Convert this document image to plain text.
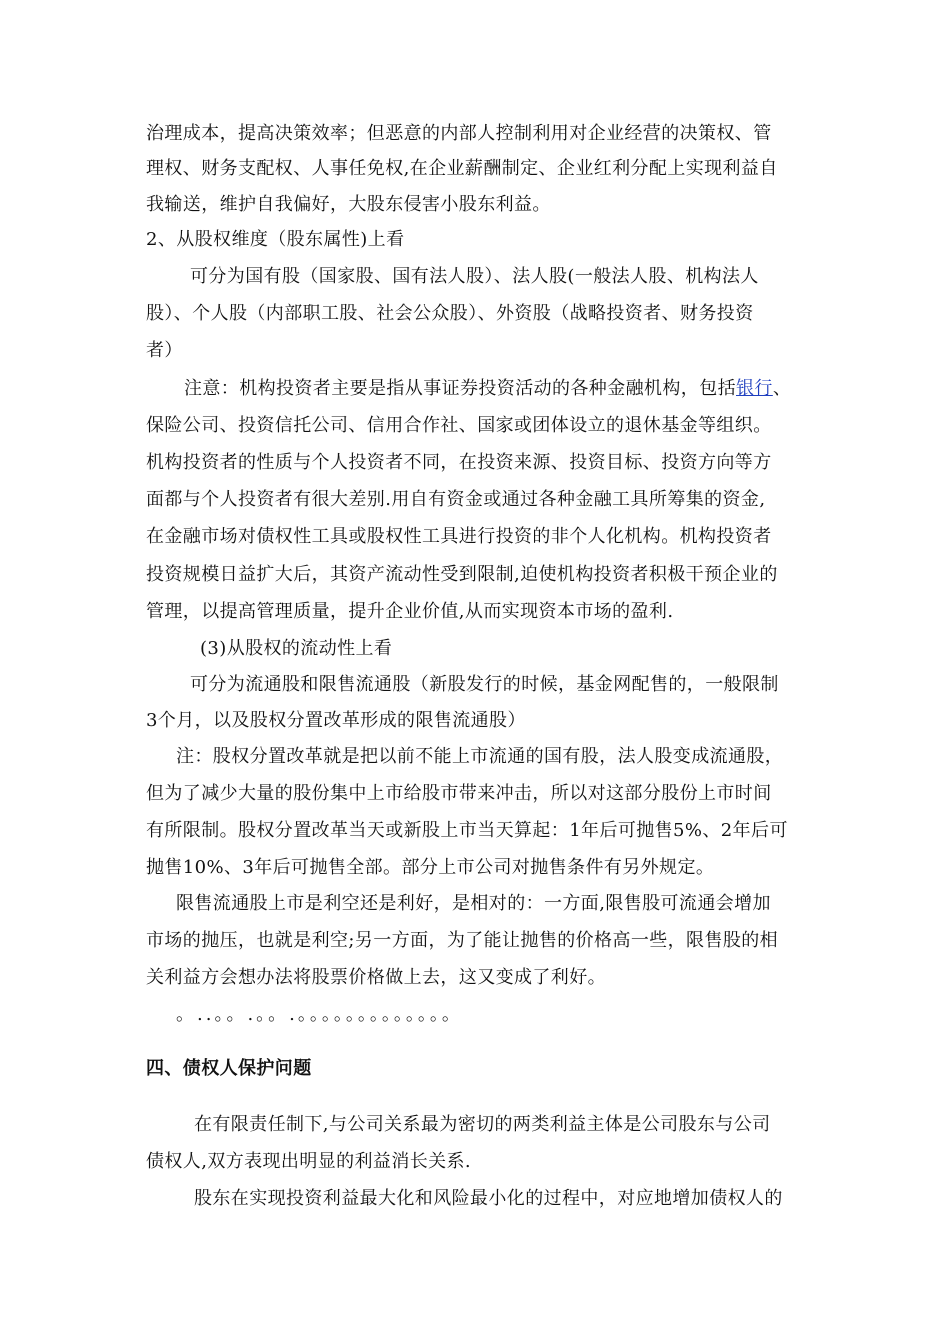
治理成本，提高决策效率；但恶意的内部人控制利用对企业经营的决策权、管
理权、财务支配权、人事任免权,在企业薪酬制定、企业红利分配上实现利益自
我输送，维护自我偏好，大股东侵害小股东利益。
2、从股权维度（股东属性)上看
可分为国有股（国家股、国有法人股）、法人股(一般法人股、机构法人
股）、个人股（内部职工股、社会公众股）、外资股（战略投资者、财务投资
者）
注意：机构投资者主要是指从事证券投资活动的各种金融机构，包括银行、
保险公司、投资信托公司、信用合作社、国家或团体设立的退休基金等组织。
机构投资者的性质与个人投资者不同，在投资来源、投资目标、投资方向等方
面都与个人投资者有很大差别.用自有资金或通过各种金融工具所筹集的资金,
在金融市场对债权性工具或股权性工具进行投资的非个人化机构。机构投资者
投资规模日益扩大后，其资产流动性受到限制,迫使机构投资者积极干预企业的
管理，以提高管理质量，提升企业价值,从而实现资本市场的盈利.
(3)从股权的流动性上看
可分为流通股和限售流通股（新股发行的时候，基金网配售的，一般限制
3个月，以及股权分置改革形成的限售流通股）
注：股权分置改革就是把以前不能上市流通的国有股，法人股变成流通股，
但为了减少大量的股份集中上市给股市带来冲击，所以对这部分股份上市时间
有所限制。股权分置改革当天或新股上市当天算起：1年后可抛售5%、2年后可
抛售10%、3年后可抛售全部。部分上市公司对抛售条件有另外规定。
限售流通股上市是利空还是利好，是相对的：一方面,限售股可流通会增加
市场的抛压，也就是利空;另一方面，为了能让抛售的价格高一些，限售股的相
关利益方会想办法将股票价格做上去，这又变成了利好。
。..。。.。。.。。。。。。。。。。。。。
四、债权人保护问题
在有限责任制下,与公司关系最为密切的两类利益主体是公司股东与公司
债权人,双方表现出明显的利益消长关系.
股东在实现投资利益最大化和风险最小化的过程中，对应地增加债权人的
